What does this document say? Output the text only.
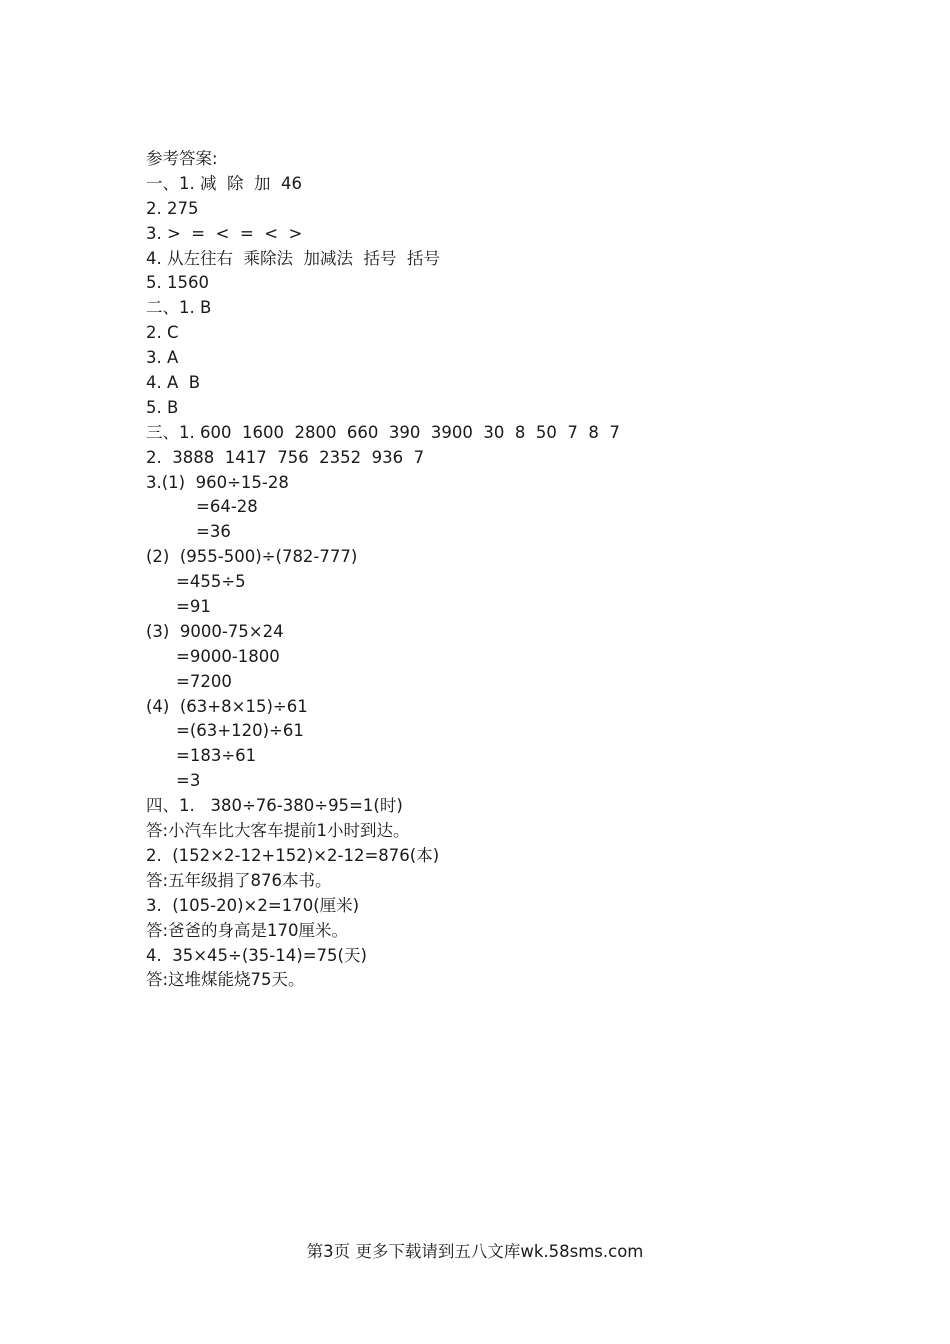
参考答案:
一、1. 减  除  加  46
2. 275
3. >  =  <  =  <  >
4. 从左往右  乘除法  加减法  括号  括号
5. 1560
二、1. B
2. C
3. A
4. A  B
5. B
三、1. 600  1600  2800  660  390  3900  30  8  50  7  8  7
2.  3888  1417  756  2352  936  7
3.(1)  960÷15-28
=64-28
=36
(2)  (955-500)÷(782-777)
=455÷5
=91
(3)  9000-75×24
=9000-1800
=7200
(4)  (63+8×15)÷61
=(63+120)÷61
=183÷61
=3
四、1.   380÷76-380÷95=1(时)
答:小汽车比大客车提前1小时到达。
2.  (152×2-12+152)×2-12=876(本)
答:五年级捐了876本书。
3.  (105-20)×2=170(厘米)
答:爸爸的身高是170厘米。
4.  35×45÷(35-14)=75(天)
答:这堆煤能烧75天。
第3页 更多下载请到五八文库wk.58sms.com
